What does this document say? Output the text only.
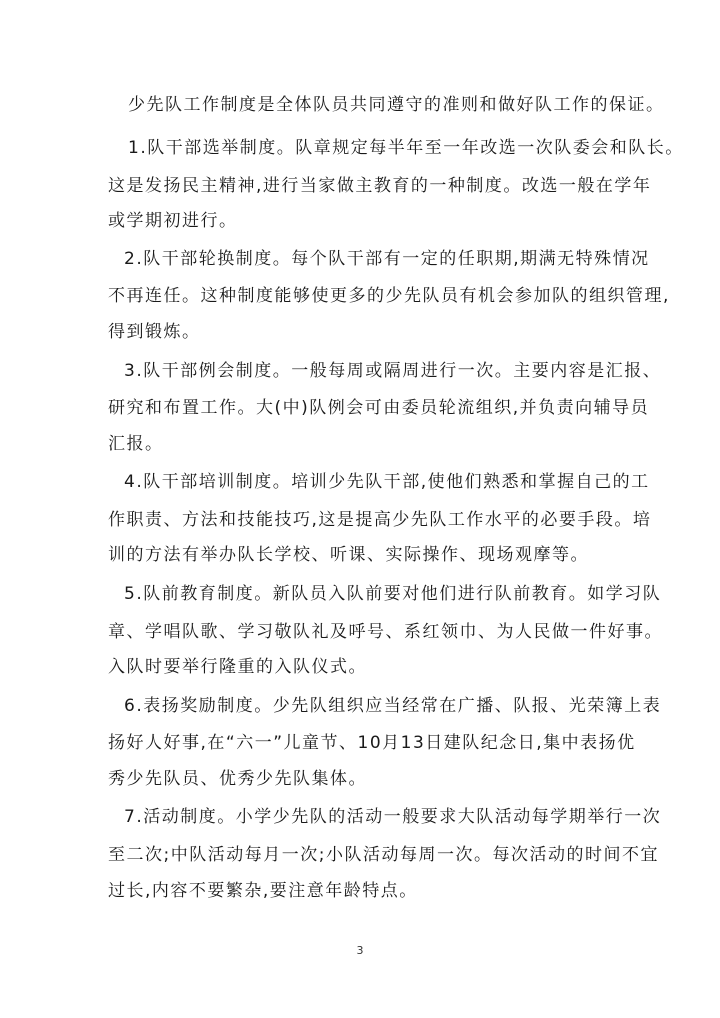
少先队工作制度是全体队员共同遵守的准则和做好队工作的保证。
1.队干部选举制度。队章规定每半年至一年改选一次队委会和队长。
这是发扬民主精神,进行当家做主教育的一种制度。改选一般在学年
或学期初进行。
2.队干部轮换制度。每个队干部有一定的任职期,期满无特殊情况
不再连任。这种制度能够使更多的少先队员有机会参加队的组织管理,
得到锻炼。
3.队干部例会制度。一般每周或隔周进行一次。主要内容是汇报、
研究和布置工作。大(中)队例会可由委员轮流组织,并负责向辅导员
汇报。
4.队干部培训制度。培训少先队干部,使他们熟悉和掌握自己的工
作职责、方法和技能技巧,这是提高少先队工作水平的必要手段。培
训的方法有举办队长学校、听课、实际操作、现场观摩等。
5.队前教育制度。新队员入队前要对他们进行队前教育。如学习队
章、学唱队歌、学习敬队礼及呼号、系红领巾、为人民做一件好事。
入队时要举行隆重的入队仪式。
6.表扬奖励制度。少先队组织应当经常在广播、队报、光荣簿上表
扬好人好事,在“六一”儿童节、10月13日建队纪念日,集中表扬优
秀少先队员、优秀少先队集体。
7.活动制度。小学少先队的活动一般要求大队活动每学期举行一次
至二次;中队活动每月一次;小队活动每周一次。每次活动的时间不宜
过长,内容不要繁杂,要注意年龄特点。
3
